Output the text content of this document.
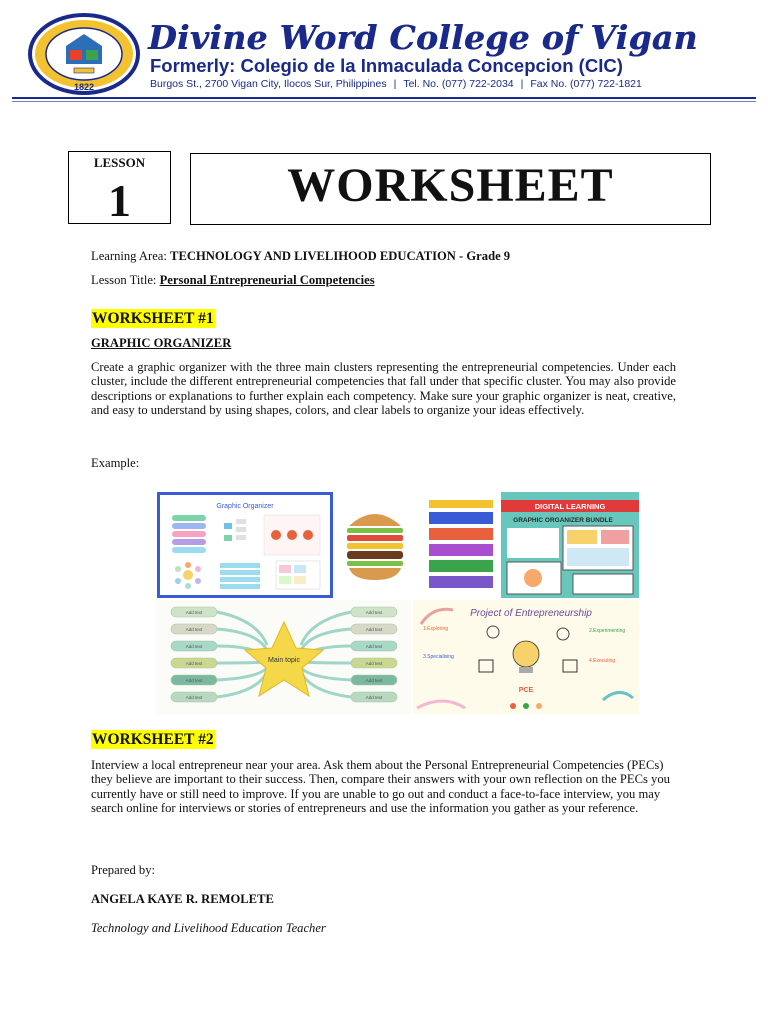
1822
Divine Word College of Vigan
Formerly: Colegio de la Inmaculada Concepcion (CIC)
Burgos St., 2700 Vigan City, Ilocos Sur, Philippines | Tel. No. (077) 722-2034 | Fax No. (077) 722-1821
LESSON
1	WORKSHEET
Learning Area: TECHNOLOGY AND LIVELIHOOD EDUCATION - Grade 9
Lesson Title: Personal Entrepreneurial Competencies
WORKSHEET #1
GRAPHIC ORGANIZER
Create a graphic organizer with the three main clusters representing the entrepreneurial competencies. Under each cluster, include the different entrepreneurial competencies that fall under that specific cluster. You may also provide descriptions or explanations to further explain each competency. Make sure your graphic organizer is neat, creative, and easy to understand by using shapes, colors, and clear labels to organize your ideas effectively.
Example:
Graphic Organizer	DIGITAL LEARNING
GRAPHIC ORGANIZER BUNDLE
Main topic
Add text
Add text
Add text
Add text
Add text
Add text
Add text
Add text
Add text
Add text
Add text
Add text
Project of Entrepreneurship
1.Exploring	2.Experimenting
3.Specialising
4.Executing
PCE
WORKSHEET #2
Interview a local entrepreneur near your area. Ask them about the Personal Entrepreneurial Competencies (PECs) they believe are important to their success. Then, compare their answers with your own reflection on the PECs you currently have or still need to improve. If you are unable to go out and conduct a face-to-face interview, you may search online for interviews or stories of entrepreneurs and use the information you gather as your reference.
Prepared by:
ANGELA KAYE R. REMOLETE
Technology and Livelihood Education Teacher
